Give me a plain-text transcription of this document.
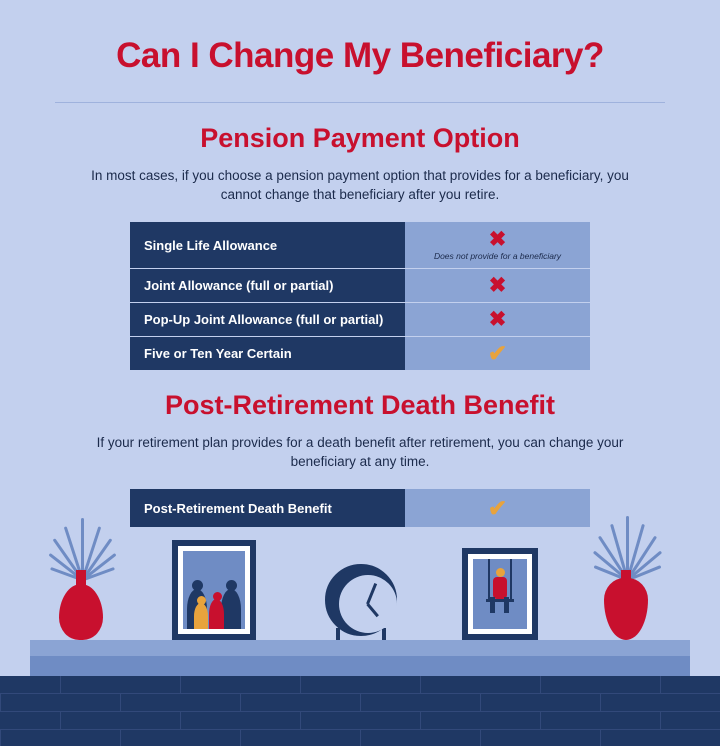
Can I Change My Beneficiary?
Pension Payment Option

In most cases, if you choose a pension payment option that provides for a beneficiary, you cannot change that beneficiary after you retire.

Single Life Allowance	✖
Does not provide for a beneficiary
Joint Allowance (full or partial)	✖
Pop-Up Joint Allowance (full or partial)	✖
Five or Ten Year Certain	✔
Post-Retirement Death Benefit

If your retirement plan provides for a death benefit after retirement, you can change your beneficiary at any time.

Post-Retirement Death Benefit	✔
